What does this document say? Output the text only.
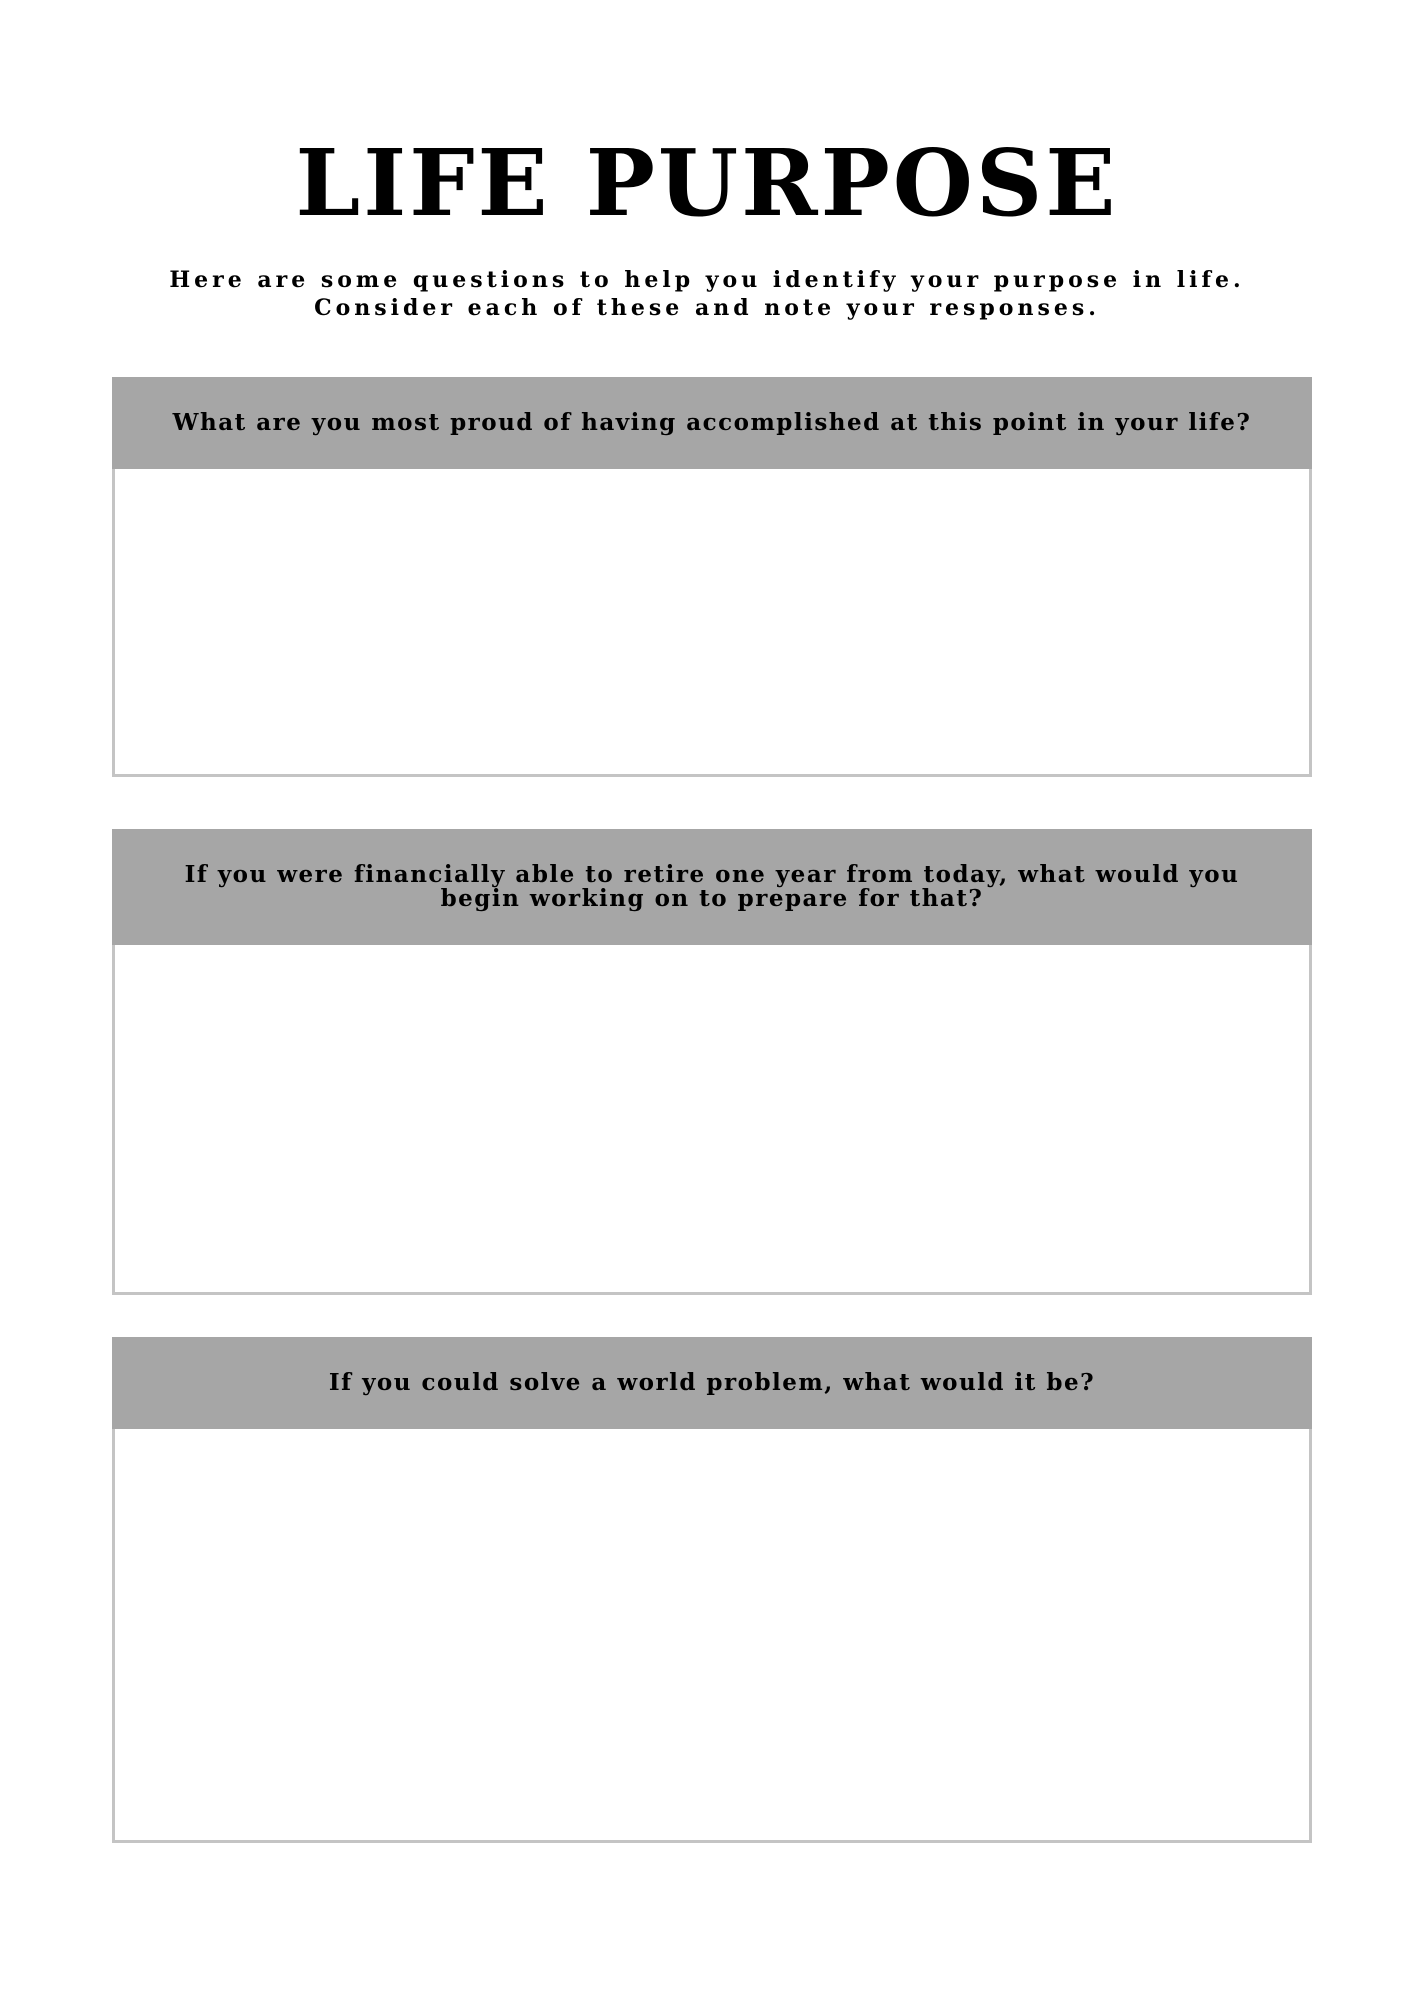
LIFE PURPOSE
Here are some questions to help you identify your purpose in life.
Consider each of these and note your responses.
What are you most proud of having accomplished at this point in your life?
If you were financially able to retire one year from today, what would you begin working on to prepare for that?
If you could solve a world problem, what would it be?
